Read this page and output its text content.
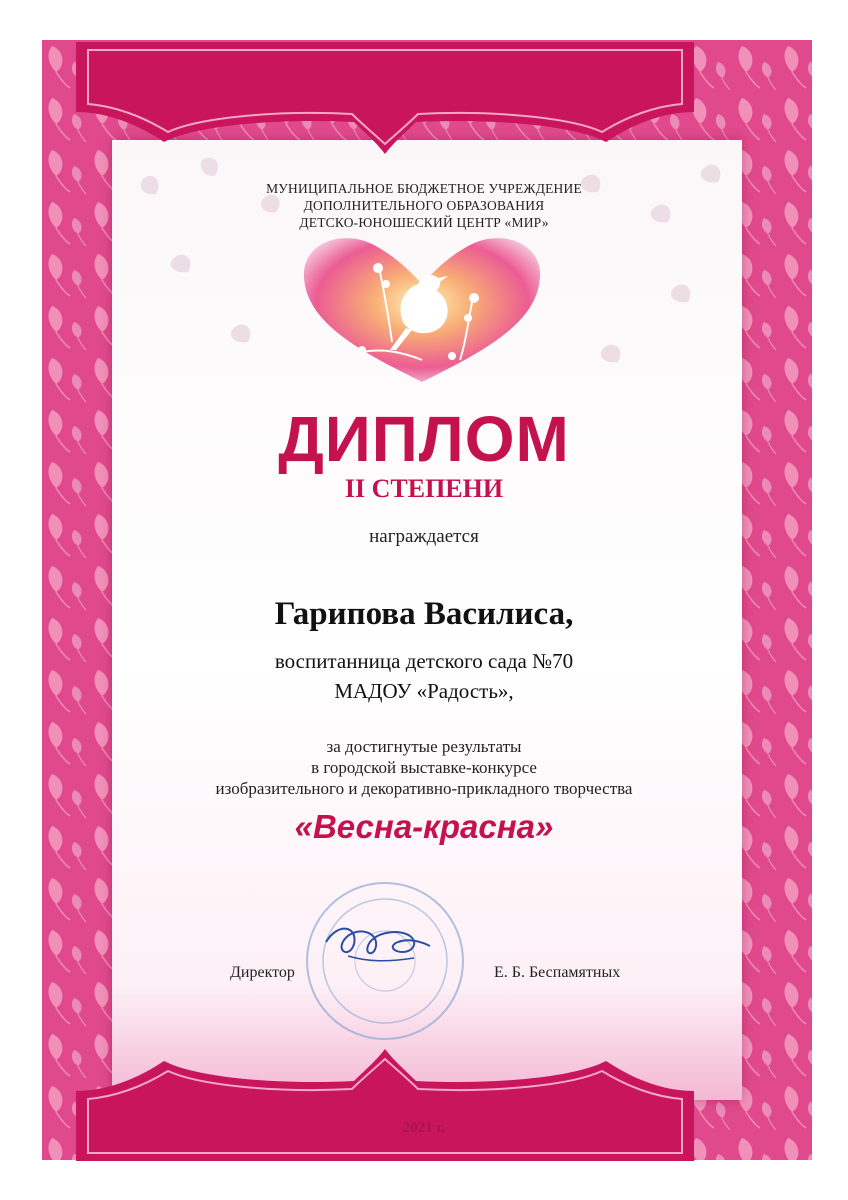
МУНИЦИПАЛЬНОЕ БЮДЖЕТНОЕ УЧРЕЖДЕНИЕ
ДОПОЛНИТЕЛЬНОГО ОБРАЗОВАНИЯ
ДЕТСКО-ЮНОШЕСКИЙ ЦЕНТР «МИР»
ДИПЛОМ
II СТЕПЕНИ
награждается
Гарипова Василиса,
воспитанница детского сада №70
МАДОУ «Радость»,
за достигнутые результаты
в городской выставке-конкурсе
изобразительного и декоративно-прикладного творчества
«Весна-красна»
Директор	Е. Б. Беспамятных
2021 г.
